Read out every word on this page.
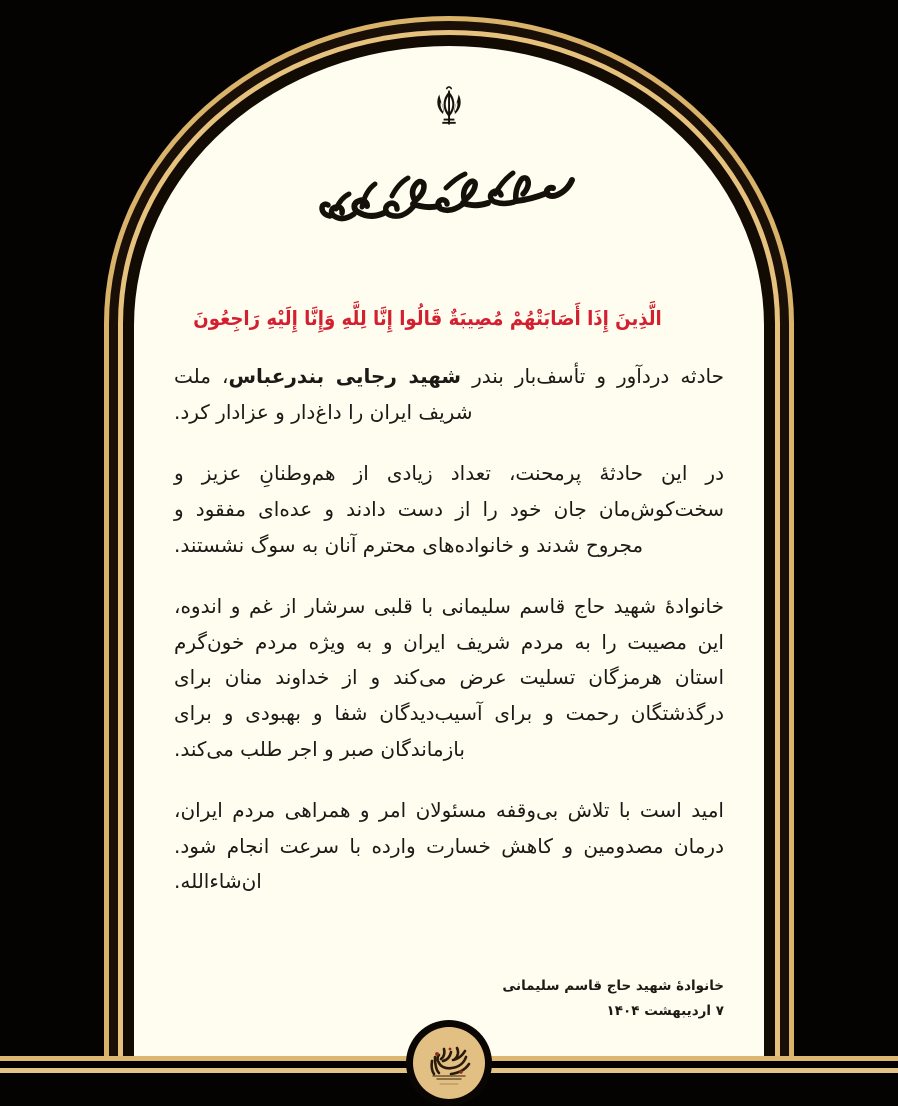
الَّذِینَ إِذَا أَصَابَتْهُمْ مُصِیبَةٌ قَالُوا إِنَّا لِلَّهِ وَإِنَّا إِلَیْهِ رَاجِعُونَ

حادثه دردآور و تأسف‌بار بندر شهید رجایی بندرعباس، ملت شریف ایران را داغ‌دار و عزادار کرد.

در این حادثهٔ پرمحنت، تعداد زیادی از هم‌وطنانِ عزیز و سخت‌کوش‌مان جان خود را از دست دادند و عده‌ای مفقود و مجروح شدند و خانواده‌های محترم آنان به سوگ نشستند.

خانوادهٔ شهید حاج قاسم سلیمانی با قلبی سرشار از غم و اندوه، این مصیبت را به مردم شریف ایران و به ویژه مردم خون‌گرم استان هرمزگان تسلیت عرض می‌کند و از خداوند منان برای درگذشتگان رحمت و برای آسیب‌دیدگان شفا و بهبودی و برای بازماندگان صبر و اجر طلب می‌کند.

امید است با تلاش بی‌وقفه مسئولان امر و همراهی مردم ایران، درمان مصدومین و کاهش خسارت وارده با سرعت انجام شود. ان‌شاءالله.

خانوادهٔ شهید حاج قاسم سلیمانی
۷ اردیبهشت ۱۴۰۴
